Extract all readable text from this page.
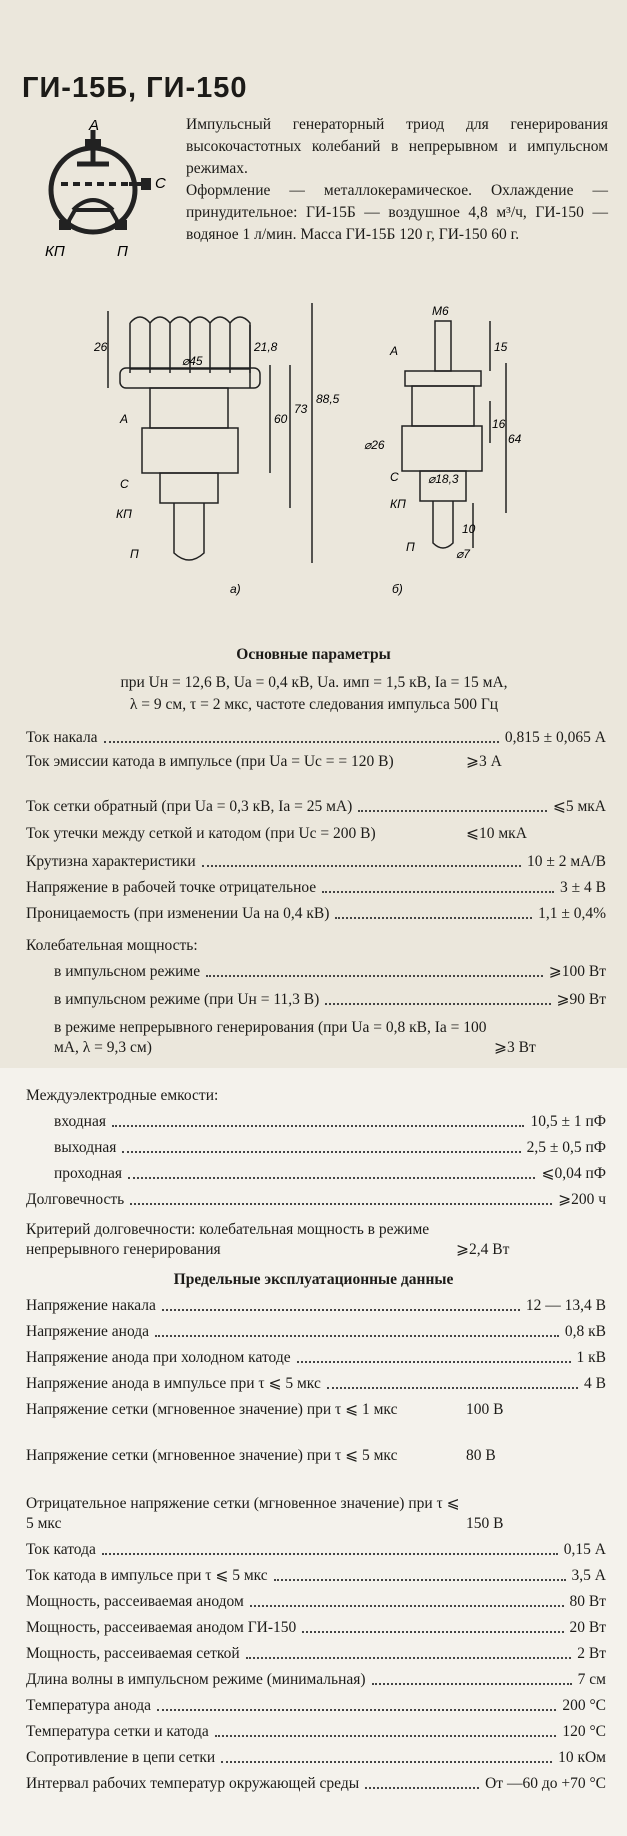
ГИ-15Б, ГИ-150
А
С
КП	П

Импульсный генераторный триод для генерирования высокочастотных колебаний в непрерывном и импульсном режимах.

Оформление — металлокерамическое. Охлаждение — принудительное: ГИ-15Б — воздушное 4,8 м³/ч, ГИ-150 — водяное 1 л/мин. Масса ГИ-15Б 120 г, ГИ-150 60 г.

26	21,8
⌀45
60
73
88,5
А
С
КП
П
а)
М6
15
16
64
⌀26
⌀18,3
⌀7
10
А
С
КП
П
б)
Основные параметры
при Uн = 12,6 В, Uа = 0,4 кВ, Uа. имп = 1,5 кВ, Iа = 15 мА,
λ = 9 см, τ = 2 мкс, частоте следования импульса 500 Гц
Ток накала	0,815 ± 0,065 А
Ток эмиссии катода в импульсе (при Uа = Uс = = 120 В)	⩾3 А
Ток сетки обратный (при Uа = 0,3 кВ, Iа = 25 мА)	⩽5 мкА
Ток утечки между сеткой и катодом (при Uс = 200 В)	⩽10 мкА
Крутизна характеристики	10 ± 2 мА/В
Напряжение в рабочей точке отрицательное	3 ± 4 В
Проницаемость (при изменении Uа на 0,4 кВ)	1,1 ± 0,4%
Колебательная мощность:
в импульсном режиме	⩾100 Вт
в импульсном режиме (при Uн = 11,3 В)	⩾90 Вт
в режиме непрерывного генерирования (при Uа = 0,8 кВ, Iа = 100 мА, λ = 9,3 см)	⩾3 Вт
Междуэлектродные емкости:
входная	10,5 ± 1 пФ
выходная	2,5 ± 0,5 пФ
проходная	⩽0,04 пФ
Долговечность	⩾200 ч
Критерий долговечности: колебательная мощность в режиме непрерывного генерирования	⩾2,4 Вт
Предельные эксплуатационные данные
Напряжение накала	12 — 13,4 В
Напряжение анода	0,8 кВ
Напряжение анода при холодном катоде	1 кВ
Напряжение анода в импульсе при τ ⩽ 5 мкс	4 В
Напряжение сетки (мгновенное значение) при τ ⩽ 1 мкс	100 В
Напряжение сетки (мгновенное значение) при τ ⩽ 5 мкс	80 В
Отрицательное напряжение сетки (мгновенное значение) при τ ⩽ 5 мкс	150 В
Ток катода	0,15 А
Ток катода в импульсе при τ ⩽ 5 мкс	3,5 А
Мощность, рассеиваемая анодом	80 Вт
Мощность, рассеиваемая анодом ГИ-150	20 Вт
Мощность, рассеиваемая сеткой	2 Вт
Длина волны в импульсном режиме (минимальная)	7 см
Температура анода	200 °С
Температура сетки и катода	120 °С
Сопротивление в цепи сетки	10 кОм
Интервал рабочих температур окружающей среды	От —60 до +70 °С
